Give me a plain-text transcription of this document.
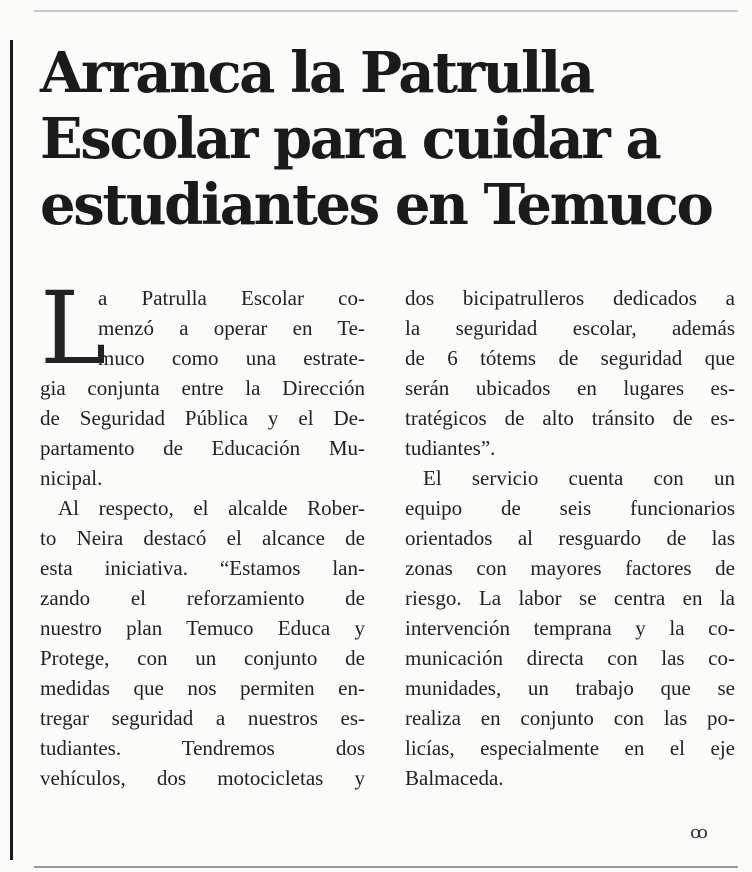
Arranca la Patrulla
Escolar para cuidar a
estudiantes en Temuco
L
a Patrulla Escolar co-
menzó a operar en Te-
muco como una estrate-
gia conjunta entre la Dirección
de Seguridad Pública y el De-
partamento de Educación Mu-
nicipal.
Al respecto, el alcalde Rober-
to Neira destacó el alcance de
esta iniciativa. “Estamos lan-
zando el reforzamiento de
nuestro plan Temuco Educa y
Protege, con un conjunto de
medidas que nos permiten en-
tregar seguridad a nuestros es-
tudiantes. Tendremos dos
vehículos, dos motocicletas y
dos bicipatrulleros dedicados a
la seguridad escolar, además
de 6 tótems de seguridad que
serán ubicados en lugares es-
tratégicos de alto tránsito de es-
tudiantes”.
El servicio cuenta con un
equipo de seis funcionarios
orientados al resguardo de las
zonas con mayores factores de
riesgo. La labor se centra en la
intervención temprana y la co-
municación directa con las co-
munidades, un trabajo que se
realiza en conjunto con las po-
licías, especialmente en el eje
Balmaceda.
ꝏ
